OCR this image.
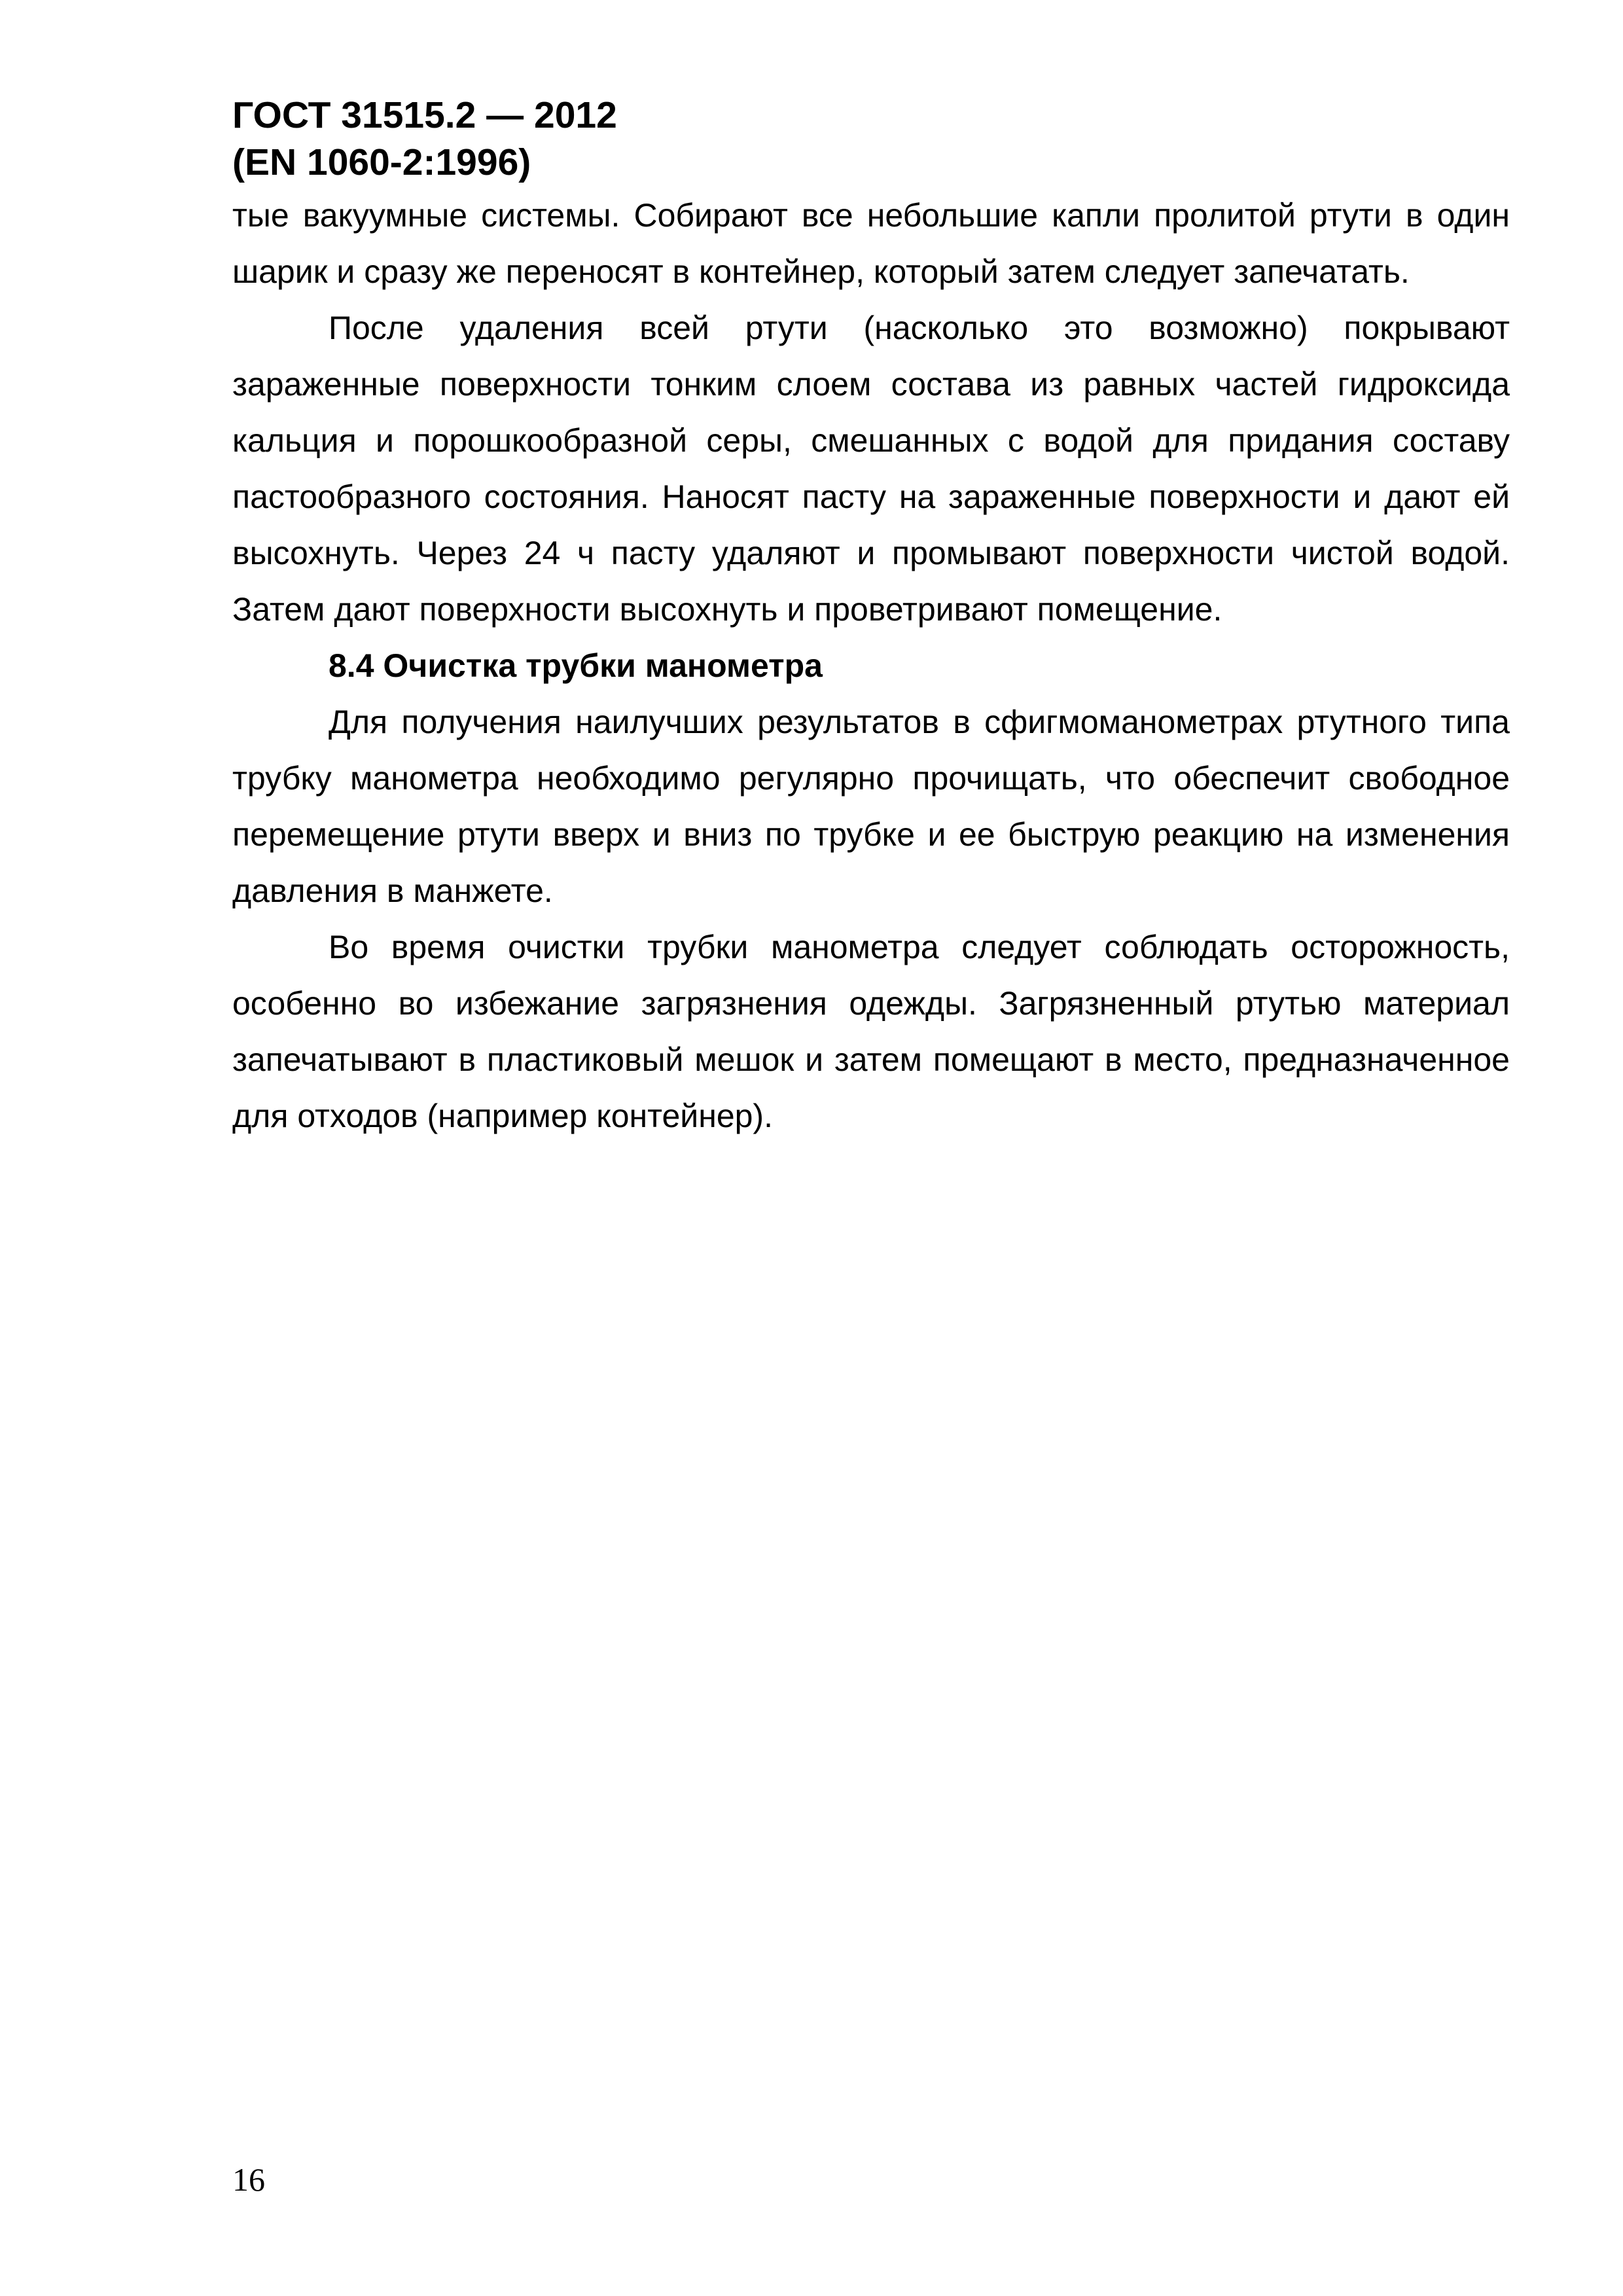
ГОСТ 31515.2 — 2012
(EN 1060-2:1996)

тые вакуумные системы. Собирают все небольшие капли пролитой ртути в один шарик и сразу же переносят в контейнер, который затем следует запечатать.

После удаления всей ртути (насколько это возможно) покрывают зараженные поверхности тонким слоем состава из равных частей гидроксида кальция и порошкообразной серы, смешанных с водой для придания составу пастообразного состояния. Наносят пасту на зараженные поверхности и дают ей высохнуть. Через 24 ч пасту удаляют и промывают поверхности чистой водой. Затем дают поверхности высохнуть и проветривают помещение.

8.4 Очистка трубки манометра

Для получения наилучших результатов в сфигмоманометрах ртутного типа трубку манометра необходимо регулярно прочищать, что обеспечит свободное перемещение ртути вверх и вниз по трубке и ее быструю реакцию на изменения давления в манжете.

Во время очистки трубки манометра следует соблюдать осторожность, особенно во избежание загрязнения одежды. Загрязненный ртутью материал запечатывают в пластиковый мешок и затем помещают в место, предназначенное для отходов (например контейнер).

16
